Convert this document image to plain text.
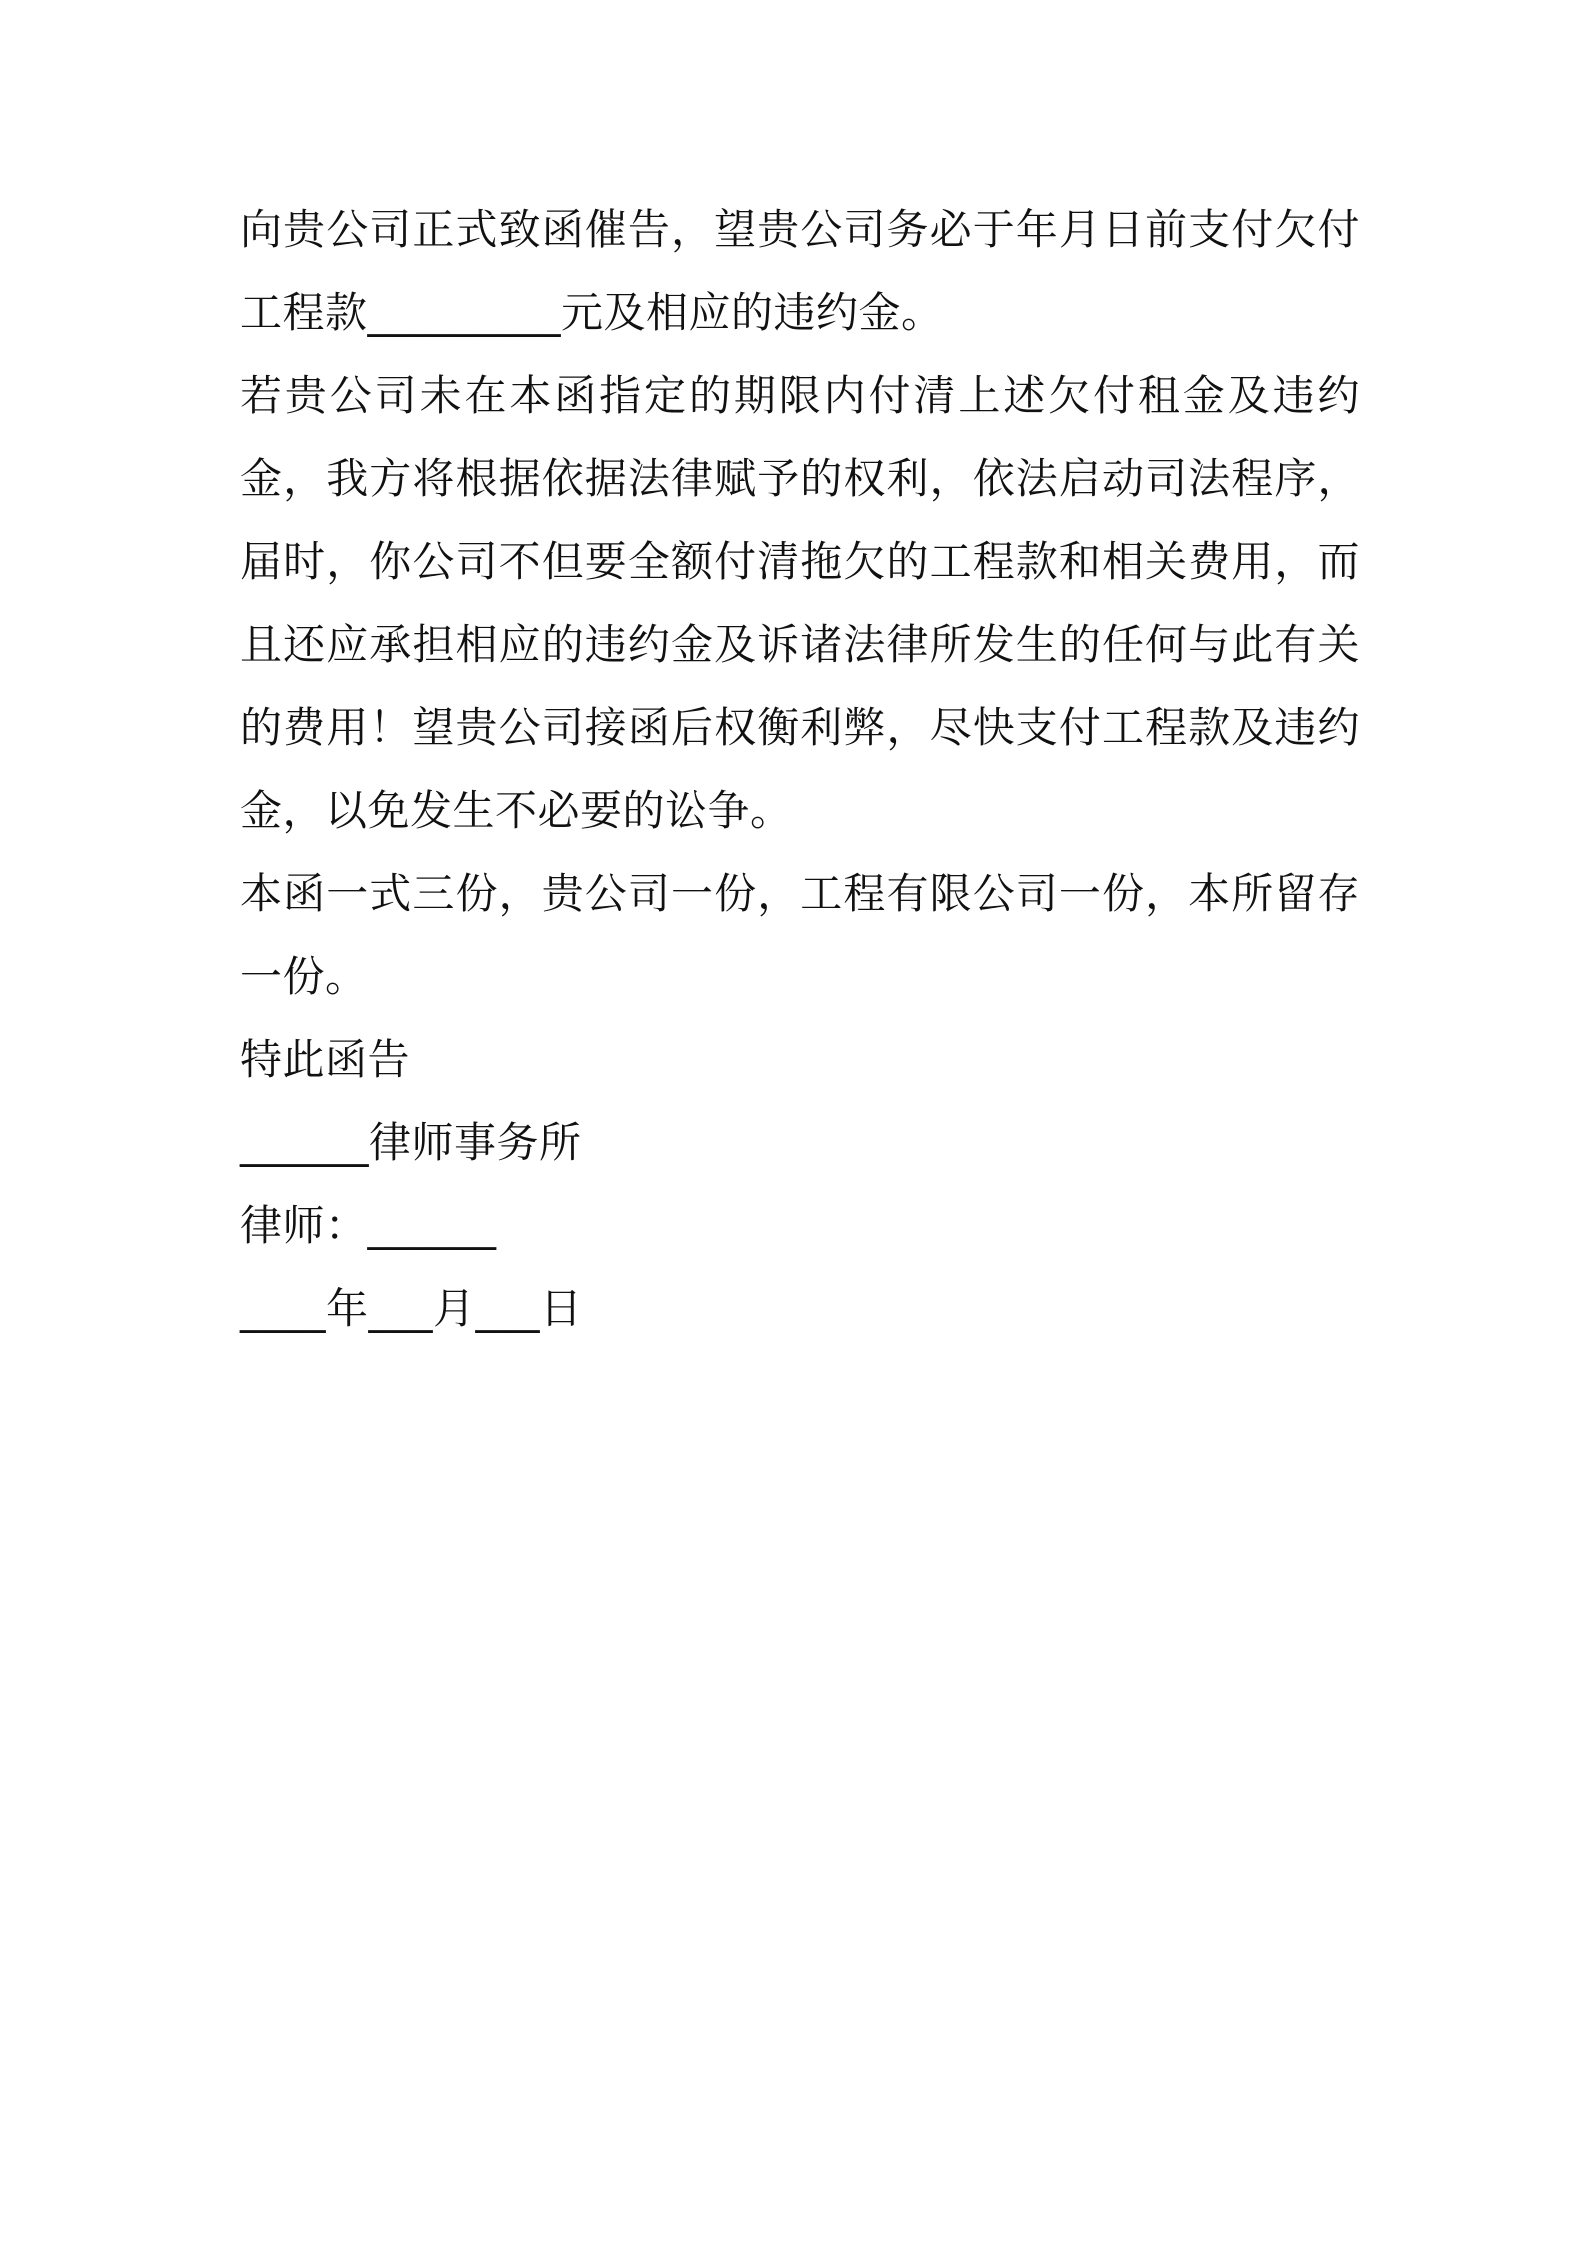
向贵公司正式致函催告，望贵公司务必于年月日前支付欠付工程款_________元及相应的违约金。

若贵公司未在本函指定的期限内付清上述欠付租金及违约金，我方将根据依据法律赋予的权利，依法启动司法程序，届时，你公司不但要全额付清拖欠的工程款和相关费用，而且还应承担相应的违约金及诉诸法律所发生的任何与此有关的费用！望贵公司接函后权衡利弊，尽快支付工程款及违约金，以免发生不必要的讼争。

本函一式三份，贵公司一份，工程有限公司一份，本所留存一份。

特此函告

______律师事务所

律师：______

____年___月___日
